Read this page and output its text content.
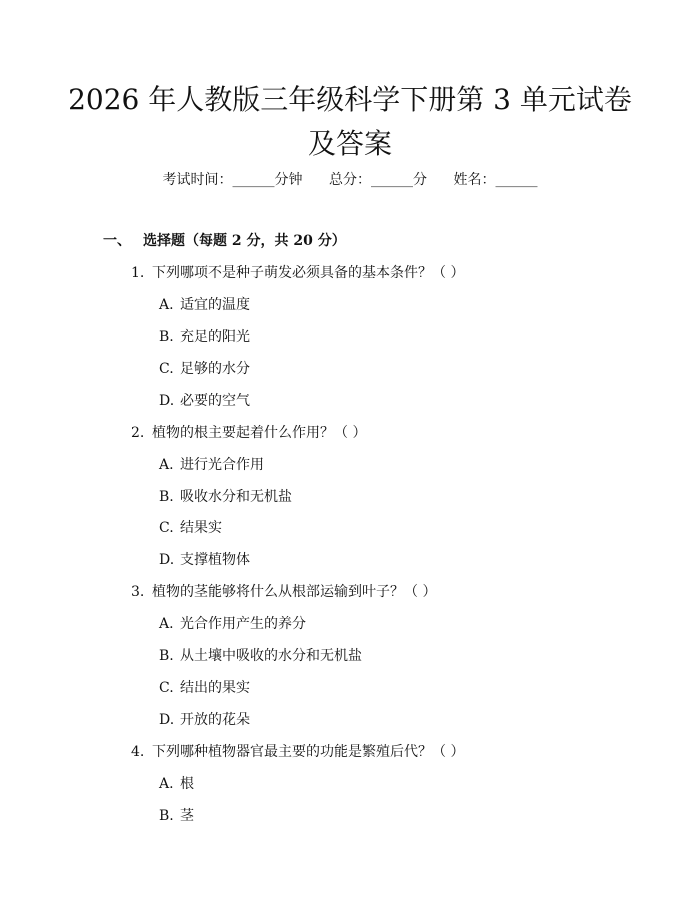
2026 年人教版三年级科学下册第 3 单元试卷
及答案
考试时间：______分钟 总分：______分 姓名：______
一、 选择题（每题 2 分，共 20 分）
1. 下列哪项不是种子萌发必须具备的基本条件？（ ）
A. 适宜的温度
B. 充足的阳光
C. 足够的水分
D. 必要的空气
2. 植物的根主要起着什么作用？（ ）
A. 进行光合作用
B. 吸收水分和无机盐
C. 结果实
D. 支撑植物体
3. 植物的茎能够将什么从根部运输到叶子？（ ）
A. 光合作用产生的养分
B. 从土壤中吸收的水分和无机盐
C. 结出的果实
D. 开放的花朵
4. 下列哪种植物器官最主要的功能是繁殖后代？（ ）
A. 根
B. 茎
